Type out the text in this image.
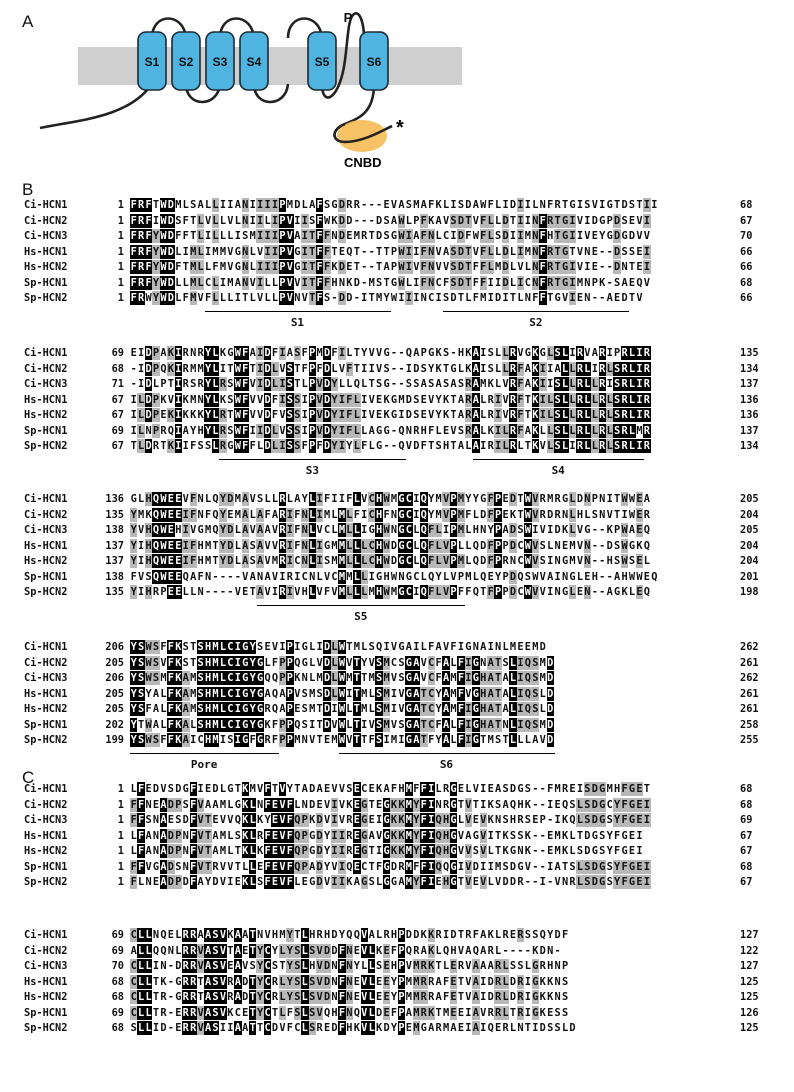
A
S1 S2 S3 S4	S5	S6
P
CNBD
*
B
C
Ci-HCN1	1 FRFTWDMLSALLIIANIIIIPMDLAFSGDRR---EVASMAFKLISDAWFLIDIILNFRTGISVIGTDSTII	68
Ci-HCN2	1 FRFIWDSFTLVLLVLNIILIPVIISFWKDD---DSAWLPFKAVSDTVFLLDTIINFRTGIVIDGPDSEVI	67
Ci-HCN3	1 FRFYWDFFTLILLLISMIIIPVAITFFNDEMRTDSGWIAFNLCIDFWFLSDIIMNFHTGIIVEYGDGDVV	70
Hs-HCN1	1 FRFYWDLIMLIMMVGNLVIIPVGITFFTEQT--TTPWIIFNVASDTVFLLDLIMNFRTGTVNE--DSSEI	66
Hs-HCN2	1 FRFYWDFTMLLFMVGNLIIIPVGITFFKDET--TAPWIVFNVVSDTFFLMDLVLNFRTGIVIE--DNTEI	66
Sp-HCN1	1 FRFYWDLLMLCLIMANVILLPVVITFFHNKD-MSTGWLIFNCFSDTFFIIDLICNFRTGIMNPK-SAEQV	68
Sp-HCN2	1 FRWYWDLFMVFLLLITLVLLPVNVTFS-DD-ITMYWIIINCISDTLFMIDITLNFFTGVIEN--AEDTV	66
S1	S2
Ci-HCN1	69 EIDPAKIRNRYLKGWFAIDFIASFPMDFILTYVVG--QAPGKS-HKAISLLRVGKGLSLIRVARIPRLIR	135
Ci-HCN2	68 -IDPQKIRMMYLITWFTIDLVSTFPFDLVFTIIVS--IDSYKTGLKAISLLRFAKIIALLRLIRLSRLIR	134
Ci-HCN3	71 -IDLPTIRSRYLRSWFVIDLISTLPVDYLLQLTSG--SSASASASRAMKLVRFAKIISLLRLLRISRLIR	137
Hs-HCN1	67 ILDPKVIKMNYLKSWFVVDFISSIPVDYIFLIVEKGMDSEVYKTARALRIVRFTKILSLLRLLRLSRLIR	136
Hs-HCN2	67 ILDPEKIKKKYLRTWFVVDFVSSIPVDYIFLIVEKGIDSEVYKTARALRIVRFTKILSLLRLLRLSRLIR	136
Sp-HCN1	69 ILNPRQIAYHYLRSWFIIDLVSSIPVDYIFLLAGG-QNRHFLEVSRALKILRFAKLLSLLRLLRLSRLMR	137
Sp-HCN2	67 TLDRTKIIFSSLRGWFFLDLISSFPFDYIYLFLG--QVDFTSHTALAIRILRLTKVLSLIRLLRLSRLIR	134
S3	S4
Ci-HCN1	136 GLHQWEEVFNLQYDMAVSLLRLAYLIFIIFLVCHWMGCIQYMVPMYYGFPEDTWVRMRGLDNPNITWWEA	205
Ci-HCN2	135 YMKQWEEIFNFQYEMALAFARIFNLIMLMLFICHFNGCIQYMVPMFLDFPEKTWVRDRNLHLSNVTIWER	204
Ci-HCN3	138 YVHQWEHIVGMQYDLAVAAVRIFNLVCLMLLIGHWNGCLQFLIPMLHNYPADSWIVIDKLVG--KPWAEQ	205
Hs-HCN1	137 YIHQWEEIFHMTYDLASAVVRIFNLIGMMLLLCHWDGCLQFLVPLLQDFPPDCWVSLNEMVN--DSWGKQ	204
Hs-HCN2	137 YIHQWEEIFHMTYDLASAVMRICNLISMMLLLCHWDGCLQFLVPMLQDFPRNCWVSINGMVN--HSWSEL	204
Sp-HCN1	138 FVSQWEEQAFN----VANAVIRICNLVCMMLLIGHWNGCLQYLVPMLQEYPDQSWVAINGLEH--AHWWEQ	201
Sp-HCN2	135 YIHRPEELLN----VETAVIRIVHLVFVMLLLMHWMGCIQFLVPFFQTFPPDCWVVINGLEN--AGKLEQ	198
S5
Ci-HCN1	206 YSWSFFKSTSHMLCIGYSEVIPIGLIDLWTMLSQIVGAILFAVFIGNAINLMEEMD	262
Ci-HCN2	205 YSWSVFKSTSHMLCIGYGLFPPQGLVDLWVTYVSMCSGAVCFALFIGNATSLIQSMD	261
Ci-HCN3	206 YSWSMFKAMSHMLCIGYGQQPPKNLMDLWMTTMSMVSGAVCFAMFIGHATALIQSMD	262
Hs-HCN1	205 YSYALFKAMSHMLCIGYGAQAPVSMSDLWITMLSMIVGATCYAMFVGHATALIQSLD	261
Hs-HCN2	205 YSFALFKAMSHMLCIGYGRQAPESMTDIWLTMLSMIVGATCYAMFIGHATALIQSLD	261
Sp-HCN1	202 YTWALFKALSHMLCIGYGKFPPQSITDVWLTIVSMVSGATCFALFIGHATNLIQSMD	258
Sp-HCN2	199 YSWSFFKAICHMISIGFGRFPPMNVTEMWVTTFSIMIGATFYALFIGTMSTLLLAVD	255
Pore	S6
Ci-HCN1	1 LFEDVSDGFIEDLGTKMVFTVYTADAEVVSECEKAFHMFFILRGELVIEASDGS--FMREISDGMHFGET	68
Ci-HCN2	1 FFNEADPSFVAAMLGKLNFEVFLNDEVIVKEGTEGKKMYFINRGTVTIKSAQHK--IEQSLSDGCYFGEI	68
Ci-HCN3	1 FFSNAESDFVTEVVQKLKYEVFQPKDVIVREGEIGKKMYFIQHGLVEVKNSHRSEP-IKQLSDGSYFGEI	69
Hs-HCN1	1 LFANADPNFVTAMLSKLRFEVFQPGDYIIREGAVGKKMYFIQHGVAGVITKSSK--EMKLTDGSYFGEI	67
Hs-HCN2	1 LFANADPNFVTAMLTKLKFEVFQPGDYIIREGTIGKKMYFIQHGVVSVLTKGNK--EMKLSDGSYFGEI	67
Sp-HCN1	1 FFVGADSNFVTRVVTLLEFEVFQPADYVIQECTFGDRMFFIQQGIVDIIMSDGV--IATSLSDGSYFGEI	68
Sp-HCN2	1 FLNEADPDFAYDVIEKLSFEVFLEGDVIIKAGSLGGAMYFIEHGTVEVLVDDR--I-VNRLSDGSYFGEI	67
Ci-HCN1	69 CLLNQELRRAASVKAATNVHMYTLHRHDYQQVALRHPDDKKRIDTRFAKLRERSSQYDF	127
Ci-HCN2	69 ALLQQNLRRVASVTAETYCYLYSLSVDDFNEVLKEFPQRAKLQHVAQARL----KDN-	122
Ci-HCN3	70 CLLIN-DRRVASVEAVSYCSTYSLHVDNFNYLLSEHPVMRKTLERVAAARLSSLGRHNP	127
Hs-HCN1	68 CLLTK-GRRTASVRADTYCRLYSLSVDNFNEVLEEYPMMRRAFETVAIDRLDRIGKKNS	125
Hs-HCN2	68 CLLTR-GRRTASVRADTYCRLYSLSVDNFNEVLEEYPMMRRAFETVAIDRLDRIGKKNS	125
Sp-HCN1	69 CLLTR-ERRVASVKCETYCTLFSLSVQHFNQVLDEFPAMRKTMEEIAVRRLTRIGKESS	126
Sp-HCN2	68 SLLID-ERRVASIIAATTCDVFCLSREDFHKVLKDYPEMGARMAEIAIQERLNTIDSSLD	125
